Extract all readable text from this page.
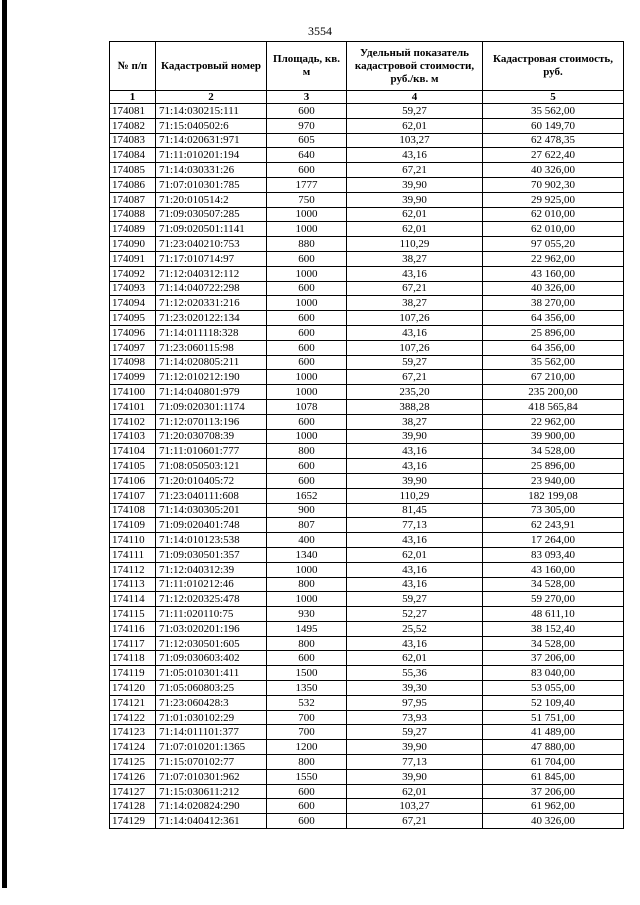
3554
№ п/п	Кадастровый номер	Площадь, кв. м	Удельный показатель кадастровой стоимости, руб./кв. м	Кадастровая стоимость, руб.
1	2	3	4	5
174081	71:14:030215:111	600	59,27	35 562,00
174082	71:15:040502:6	970	62,01	60 149,70
174083	71:14:020631:971	605	103,27	62 478,35
174084	71:11:010201:194	640	43,16	27 622,40
174085	71:14:030331:26	600	67,21	40 326,00
174086	71:07:010301:785	1777	39,90	70 902,30
174087	71:20:010514:2	750	39,90	29 925,00
174088	71:09:030507:285	1000	62,01	62 010,00
174089	71:09:020501:1141	1000	62,01	62 010,00
174090	71:23:040210:753	880	110,29	97 055,20
174091	71:17:010714:97	600	38,27	22 962,00
174092	71:12:040312:112	1000	43,16	43 160,00
174093	71:14:040722:298	600	67,21	40 326,00
174094	71:12:020331:216	1000	38,27	38 270,00
174095	71:23:020122:134	600	107,26	64 356,00
174096	71:14:011118:328	600	43,16	25 896,00
174097	71:23:060115:98	600	107,26	64 356,00
174098	71:14:020805:211	600	59,27	35 562,00
174099	71:12:010212:190	1000	67,21	67 210,00
174100	71:14:040801:979	1000	235,20	235 200,00
174101	71:09:020301:1174	1078	388,28	418 565,84
174102	71:12:070113:196	600	38,27	22 962,00
174103	71:20:030708:39	1000	39,90	39 900,00
174104	71:11:010601:777	800	43,16	34 528,00
174105	71:08:050503:121	600	43,16	25 896,00
174106	71:20:010405:72	600	39,90	23 940,00
174107	71:23:040111:608	1652	110,29	182 199,08
174108	71:14:030305:201	900	81,45	73 305,00
174109	71:09:020401:748	807	77,13	62 243,91
174110	71:14:010123:538	400	43,16	17 264,00
174111	71:09:030501:357	1340	62,01	83 093,40
174112	71:12:040312:39	1000	43,16	43 160,00
174113	71:11:010212:46	800	43,16	34 528,00
174114	71:12:020325:478	1000	59,27	59 270,00
174115	71:11:020110:75	930	52,27	48 611,10
174116	71:03:020201:196	1495	25,52	38 152,40
174117	71:12:030501:605	800	43,16	34 528,00
174118	71:09:030603:402	600	62,01	37 206,00
174119	71:05:010301:411	1500	55,36	83 040,00
174120	71:05:060803:25	1350	39,30	53 055,00
174121	71:23:060428:3	532	97,95	52 109,40
174122	71:01:030102:29	700	73,93	51 751,00
174123	71:14:011101:377	700	59,27	41 489,00
174124	71:07:010201:1365	1200	39,90	47 880,00
174125	71:15:070102:77	800	77,13	61 704,00
174126	71:07:010301:962	1550	39,90	61 845,00
174127	71:15:030611:212	600	62,01	37 206,00
174128	71:14:020824:290	600	103,27	61 962,00
174129	71:14:040412:361	600	67,21	40 326,00
